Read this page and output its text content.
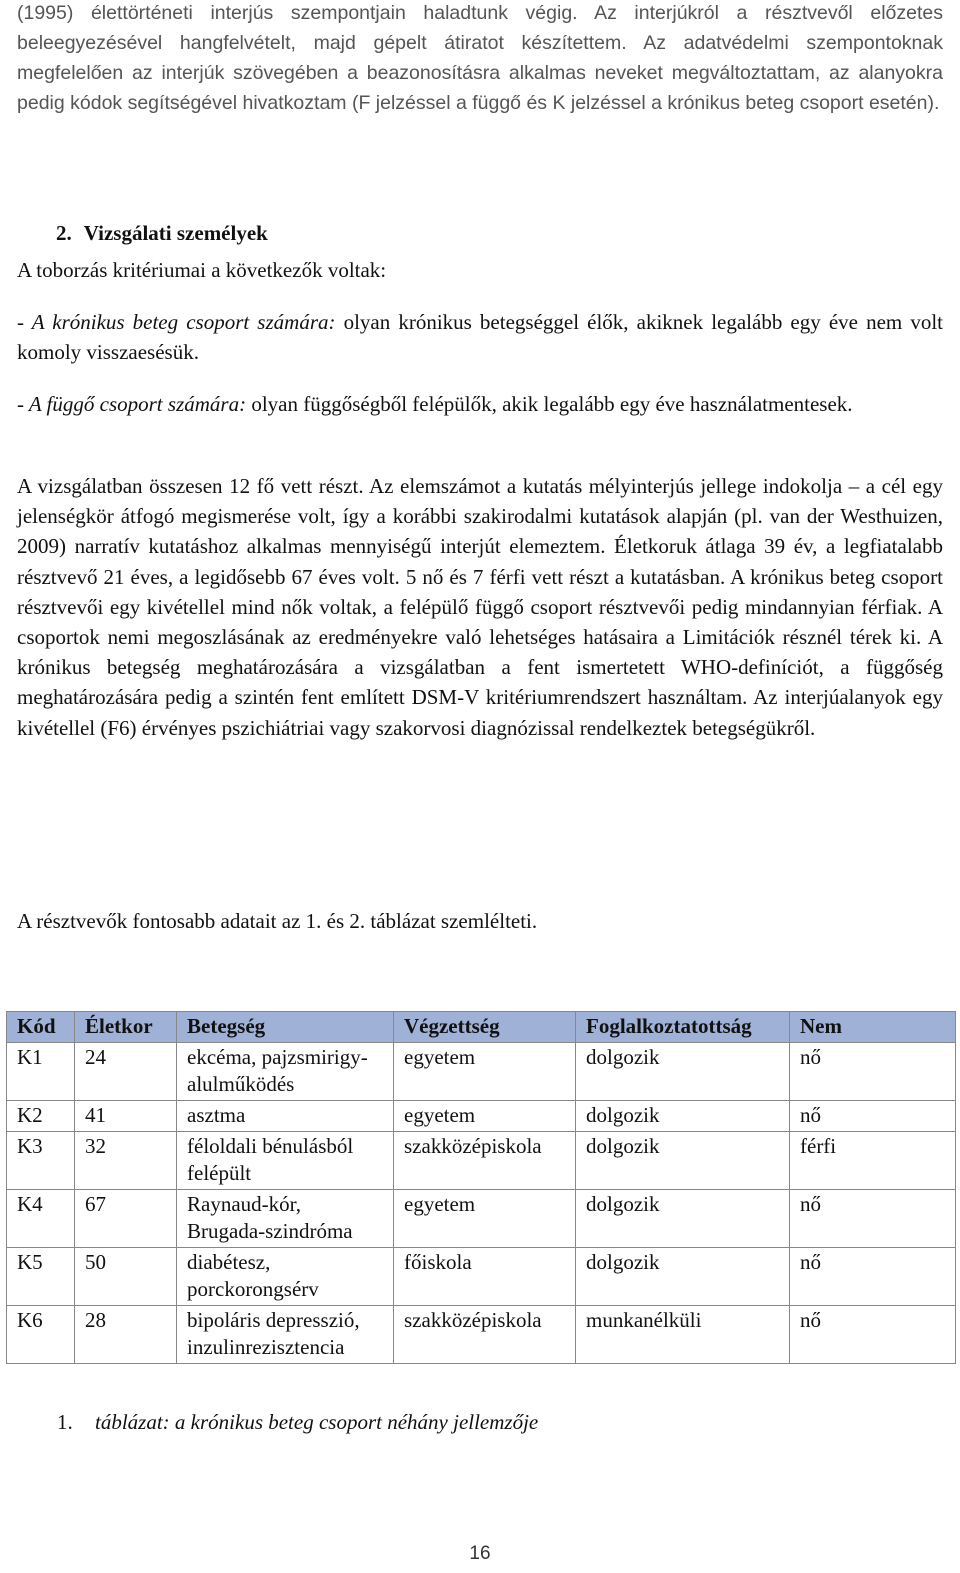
(1995) élettörténeti interjús szempontjain haladtunk végig. Az interjúkról a résztvevől előzetes beleegyezésével hangfelvételt, majd gépelt átiratot készítettem. Az adatvédelmi szempontoknak megfelelően az interjúk szövegében a beazonosításra alkalmas neveket megváltoztattam, az alanyokra pedig kódok segítségével hivatkoztam (F jelzéssel a függő és K jelzéssel a krónikus beteg csoport esetén).

2. Vizsgálati személyek

A toborzás kritériumai a következők voltak:

- A krónikus beteg csoport számára: olyan krónikus betegséggel élők, akiknek legalább egy éve nem volt komoly visszaesésük.

- A függő csoport számára: olyan függőségből felépülők, akik legalább egy éve használatmentesek.

A vizsgálatban összesen 12 fő vett részt. Az elemszámot a kutatás mélyinterjús jellege indokolja – a cél egy jelenségkör átfogó megismerése volt, így a korábbi szakirodalmi kutatások alapján (pl. van der Westhuizen, 2009) narratív kutatáshoz alkalmas mennyiségű interjút elemeztem. Életkoruk átlaga 39 év, a legfiatalabb résztvevő 21 éves, a legidősebb 67 éves volt. 5 nő és 7 férfi vett részt a kutatásban. A krónikus beteg csoport résztvevői egy kivétellel mind nők voltak, a felépülő függő csoport résztvevői pedig mindannyian férfiak. A csoportok nemi megoszlásának az eredményekre való lehetséges hatásaira a Limitációk résznél térek ki. A krónikus betegség meghatározására a vizsgálatban a fent ismertetett WHO-definíciót, a függőség meghatározására pedig a szintén fent említett DSM-V kritériumrendszert használtam. Az interjúalanyok egy kivétellel (F6) érvényes pszichiátriai vagy szakorvosi diagnózissal rendelkeztek betegségükről.

A résztvevők fontosabb adatait az 1. és 2. táblázat szemlélteti.

Kód	Életkor	Betegség	Végzettség	Foglalkoztatottság	Nem
K1	24	ekcéma, pajzsmirigy-alulműködés	egyetem	dolgozik	nő
K2	41	asztma	egyetem	dolgozik	nő
K3	32	féloldali bénulásból felépült	szakközépiskola	dolgozik	férfi
K4	67	Raynaud-kór, Brugada-szindróma	egyetem	dolgozik	nő
K5	50	diabétesz, porckorongsérv	főiskola	dolgozik	nő
K6	28	bipoláris depresszió, inzulinrezisztencia	szakközépiskola	munkanélküli	nő

1. táblázat: a krónikus beteg csoport néhány jellemzője

16
